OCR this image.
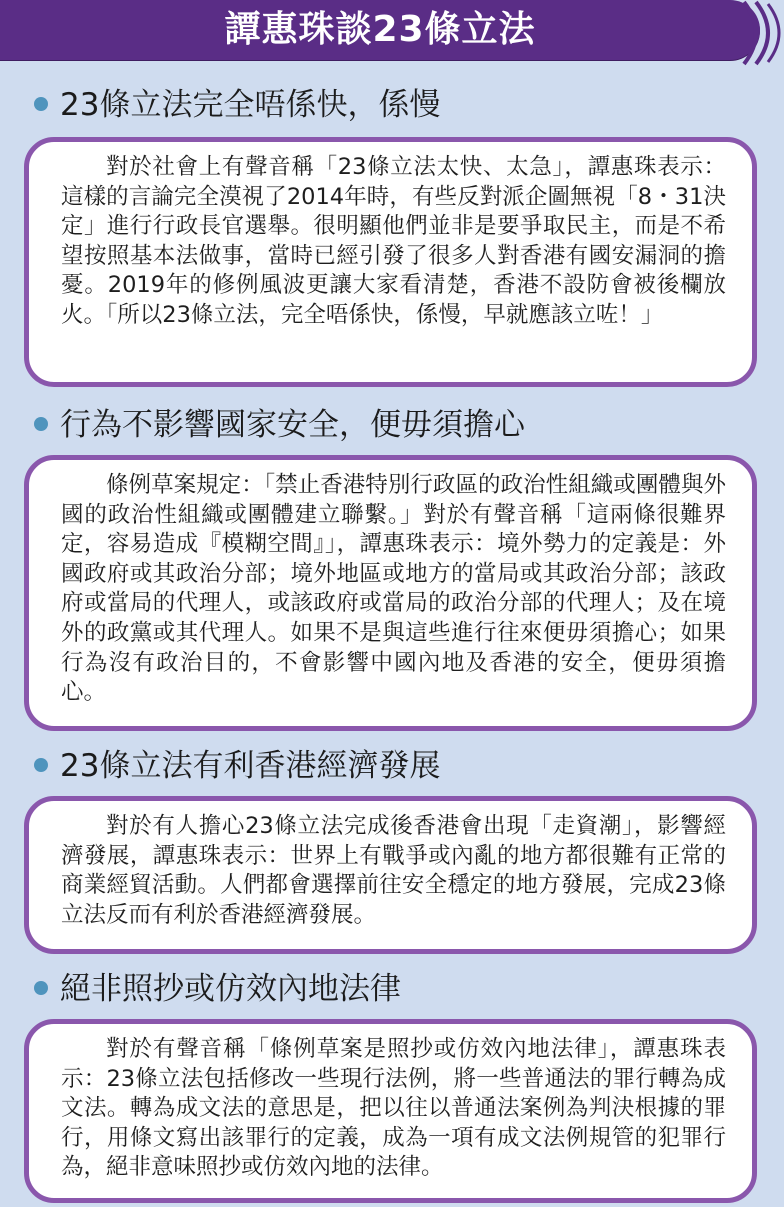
譚惠珠談23條立法
23條立法完全唔係快，係慢

對於社會上有聲音稱「23條立法太快、太急」，譚惠珠表示：這樣的言論完全漠視了2014年時，有些反對派企圖無視「8・31決定」進行行政長官選舉。很明顯他們並非是要爭取民主，而是不希望按照基本法做事，當時已經引發了很多人對香港有國安漏洞的擔憂。2019年的修例風波更讓大家看清楚，香港不設防會被後欄放火。「所以23條立法，完全唔係快，係慢，早就應該立咗！」

行為不影響國家安全，便毋須擔心

條例草案規定：「禁止香港特別行政區的政治性組織或團體與外國的政治性組織或團體建立聯繫。」對於有聲音稱「這兩條很難界定，容易造成『模糊空間』」，譚惠珠表示：境外勢力的定義是：外國政府或其政治分部；境外地區或地方的當局或其政治分部；該政府或當局的代理人，或該政府或當局的政治分部的代理人；及在境外的政黨或其代理人。如果不是與這些進行往來便毋須擔心；如果行為沒有政治目的，不會影響中國內地及香港的安全，便毋須擔心。

23條立法有利香港經濟發展

對於有人擔心23條立法完成後香港會出現「走資潮」，影響經濟發展，譚惠珠表示：世界上有戰爭或內亂的地方都很難有正常的商業經貿活動。人們都會選擇前往安全穩定的地方發展，完成23條立法反而有利於香港經濟發展。

絕非照抄或仿效內地法律

對於有聲音稱「條例草案是照抄或仿效內地法律」，譚惠珠表示：23條立法包括修改一些現行法例，將一些普通法的罪行轉為成文法。轉為成文法的意思是，把以往以普通法案例為判決根據的罪行，用條文寫出該罪行的定義，成為一項有成文法例規管的犯罪行為，絕非意味照抄或仿效內地的法律。
